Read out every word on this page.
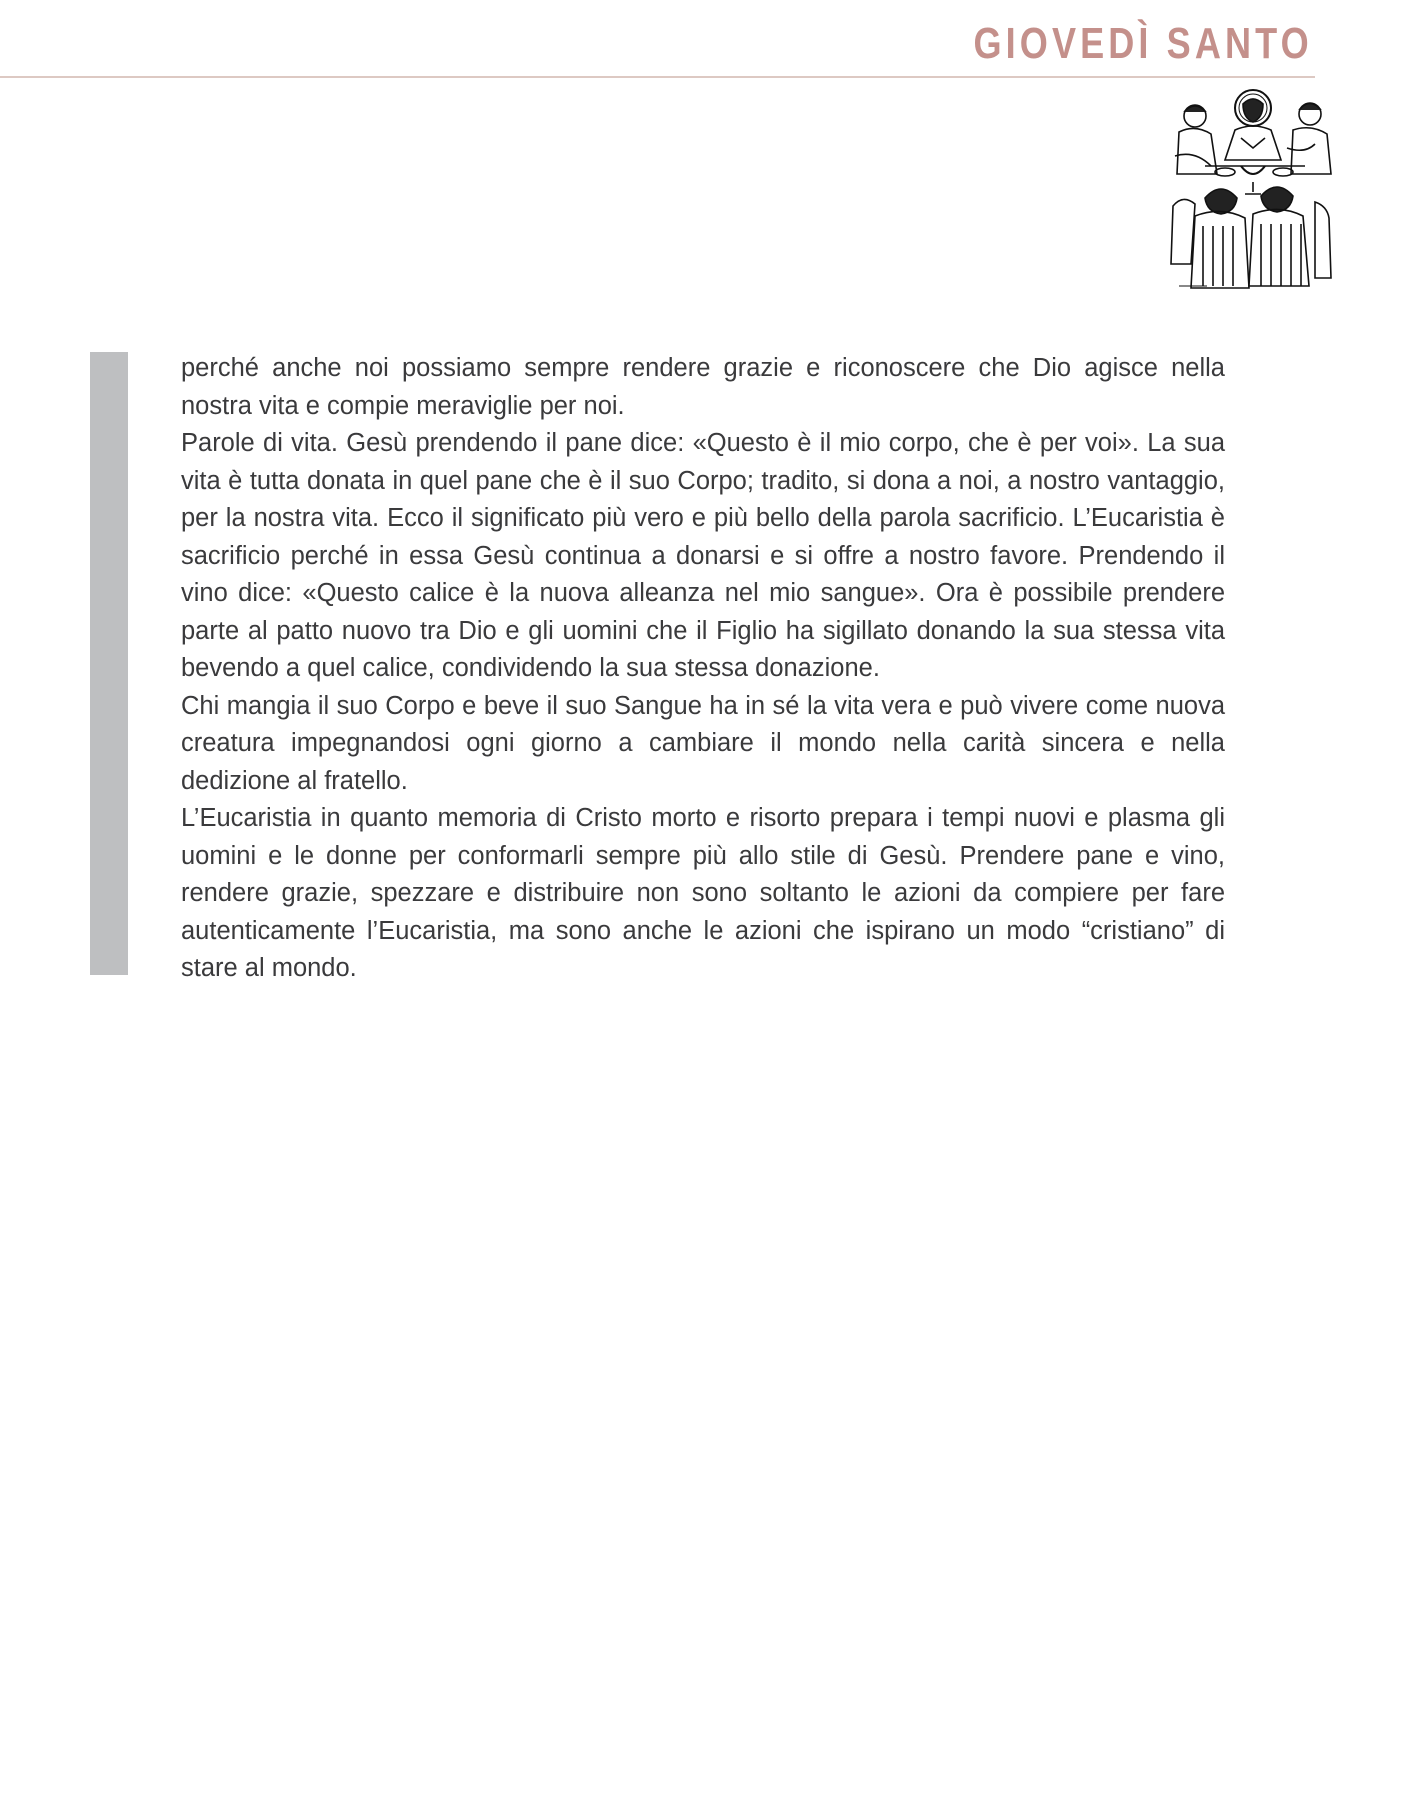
GIOVEDÌ SANTO

perché anche noi possiamo sempre rendere grazie e riconoscere che Dio agisce nella nostra vita e compie meraviglie per noi.

Parole di vita. Gesù prendendo il pane dice: «Questo è il mio corpo, che è per voi». La sua vita è tutta donata in quel pane che è il suo Corpo; tradito, si dona a noi, a nostro vantaggio, per la nostra vita. Ecco il significato più vero e più bello della parola sacrificio. L’Eucaristia è sacrificio perché in essa Gesù continua a donarsi e si offre a nostro favore. Prendendo il vino dice: «Questo calice è la nuova alleanza nel mio sangue». Ora è possibile prendere parte al patto nuovo tra Dio e gli uomini che il Figlio ha sigillato donando la sua stessa vita bevendo a quel calice, condividendo la sua stessa donazione.

Chi mangia il suo Corpo e beve il suo Sangue ha in sé la vita vera e può vivere come nuova creatura impegnandosi ogni giorno a cambiare il mondo nella carità sincera e nella dedizione al fratello.

L’Eucaristia in quanto memoria di Cristo morto e risorto prepara i tempi nuovi e plasma gli uomini e le donne per conformarli sempre più allo stile di Gesù. Prendere pane e vino, rendere grazie, spezzare e distribuire non sono soltanto le azioni da compiere per fare autenticamente l’Eucaristia, ma sono anche le azioni che ispirano un modo “cristiano” di stare al mondo.
